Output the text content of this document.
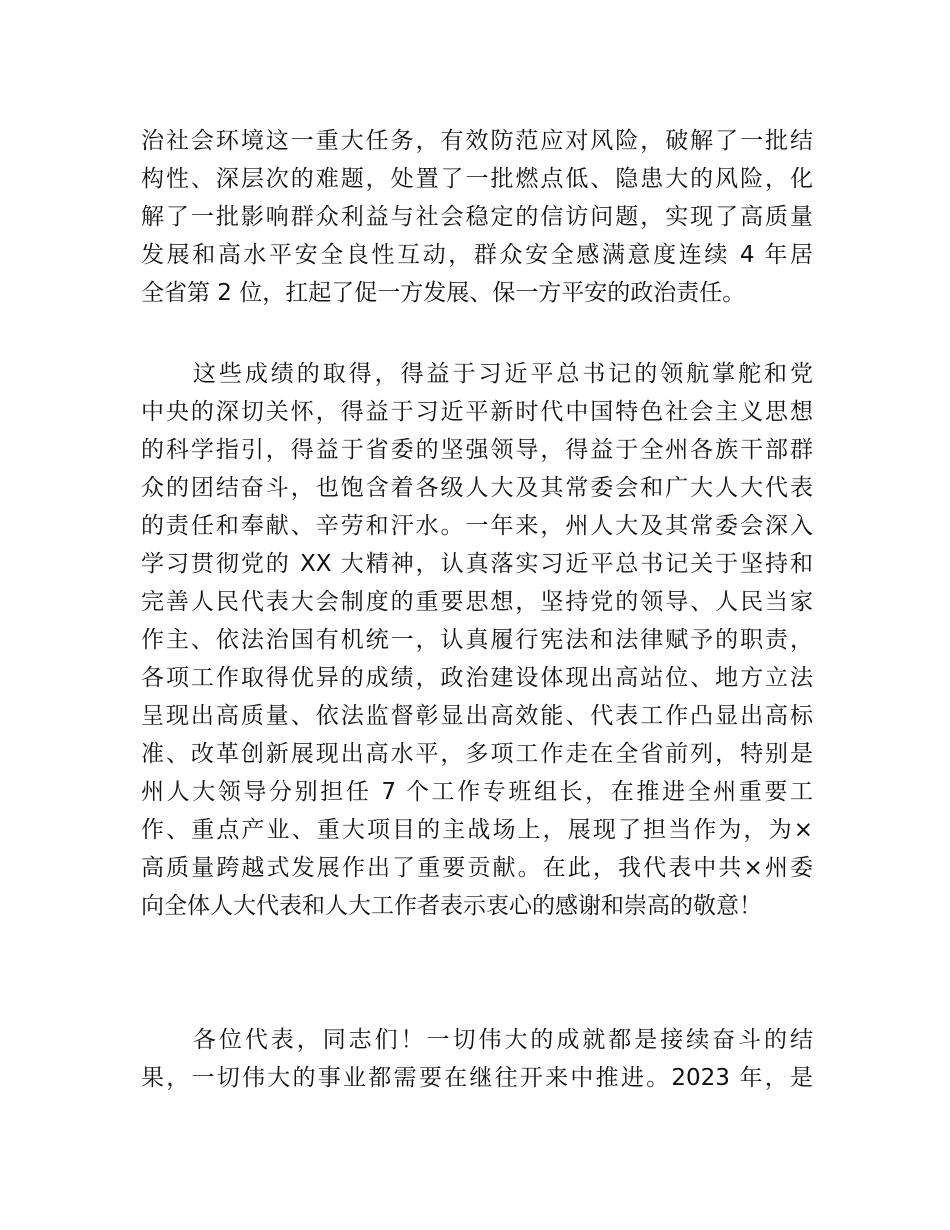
治社会环境这一重大任务，有效防范应对风险，破解了一批结
构性、深层次的难题，处置了一批燃点低、隐患大的风险，化
解了一批影响群众利益与社会稳定的信访问题，实现了高质量
发展和高水平安全良性互动，群众安全感满意度连续 4 年居
全省第 2 位，扛起了促一方发展、保一方平安的政治责任。
　　这些成绩的取得，得益于习近平总书记的领航掌舵和党
中央的深切关怀，得益于习近平新时代中国特色社会主义思想
的科学指引，得益于省委的坚强领导，得益于全州各族干部群
众的团结奋斗，也饱含着各级人大及其常委会和广大人大代表
的责任和奉献、辛劳和汗水。一年来，州人大及其常委会深入
学习贯彻党的 XX 大精神，认真落实习近平总书记关于坚持和
完善人民代表大会制度的重要思想，坚持党的领导、人民当家
作主、依法治国有机统一，认真履行宪法和法律赋予的职责，
各项工作取得优异的成绩，政治建设体现出高站位、地方立法
呈现出高质量、依法监督彰显出高效能、代表工作凸显出高标
准、改革创新展现出高水平，多项工作走在全省前列，特别是
州人大领导分别担任 7 个工作专班组长，在推进全州重要工
作、重点产业、重大项目的主战场上，展现了担当作为，为×
高质量跨越式发展作出了重要贡献。在此，我代表中共×州委
向全体人大代表和人大工作者表示衷心的感谢和崇高的敬意！
　　各位代表，同志们！一切伟大的成就都是接续奋斗的结
果，一切伟大的事业都需要在继往开来中推进。2023 年，是
